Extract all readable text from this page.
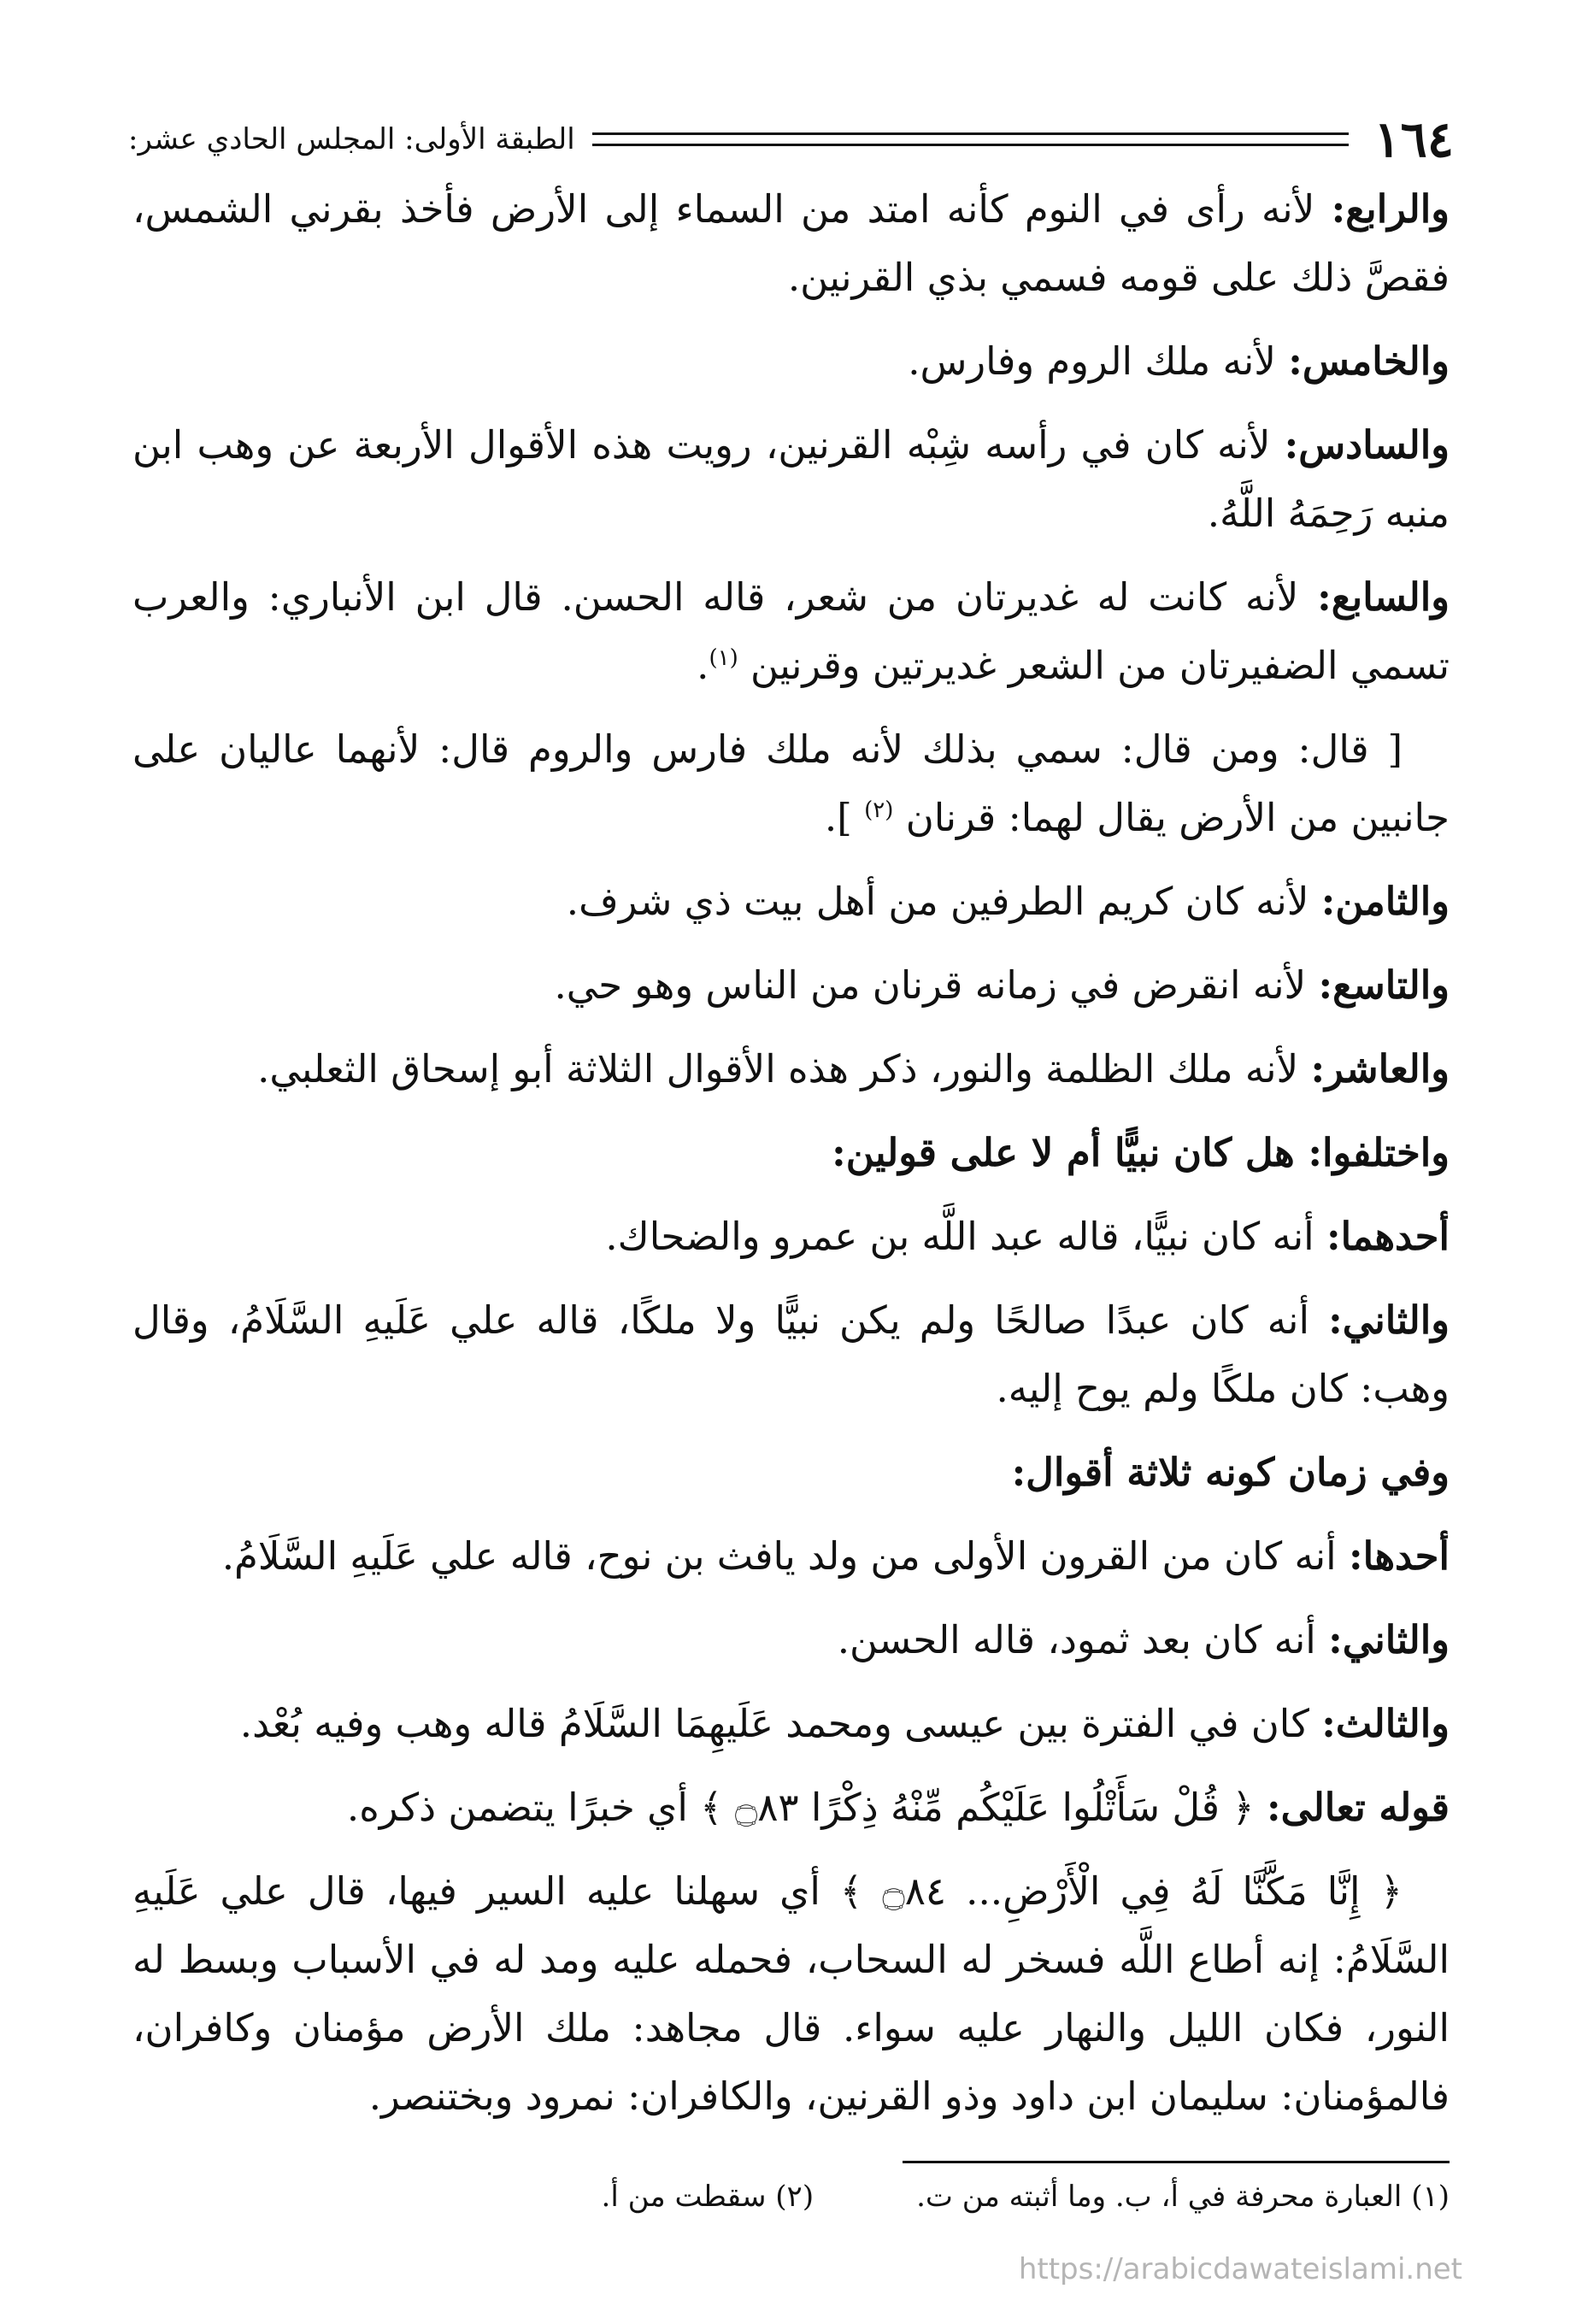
١٦٤
الطبقة الأولى: المجلس الحادي عشر:

والرابع: لأنه رأى في النوم كأنه امتد من السماء إلى الأرض فأخذ بقرني الشمس، فقصَّ ذلك على قومه فسمي بذي القرنين.

والخامس: لأنه ملك الروم وفارس.

والسادس: لأنه كان في رأسه شِبْه القرنين، رويت هذه الأقوال الأربعة عن وهب ابن منبه رَحِمَهُ اللَّهُ.

والسابع: لأنه كانت له غديرتان من شعر، قاله الحسن. قال ابن الأنباري: والعرب تسمي الضفيرتان من الشعر غديرتين وقرنين $^{(١)}$.

[ قال: ومن قال: سمي بذلك لأنه ملك فارس والروم قال: لأنهما عاليان على جانبين من الأرض يقال لهما: قرنان $^{(٢)}$ ].

والثامن: لأنه كان كريم الطرفين من أهل بيت ذي شرف.

والتاسع: لأنه انقرض في زمانه قرنان من الناس وهو حي.

والعاشر: لأنه ملك الظلمة والنور، ذكر هذه الأقوال الثلاثة أبو إسحاق الثعلبي.

واختلفوا: هل كان نبيًّا أم لا على قولين:

أحدهما: أنه كان نبيًّا، قاله عبد اللَّه بن عمرو والضحاك.

والثاني: أنه كان عبدًا صالحًا ولم يكن نبيًّا ولا ملكًا، قاله علي عَلَيهِ السَّلَامُ، وقال وهب: كان ملكًا ولم يوح إليه.

وفي زمان كونه ثلاثة أقوال:

أحدها: أنه كان من القرون الأولى من ولد يافث بن نوح، قاله علي عَلَيهِ السَّلَامُ.

والثاني: أنه كان بعد ثمود، قاله الحسن.

والثالث: كان في الفترة بين عيسى ومحمد عَلَيهِمَا السَّلَامُ قاله وهب وفيه بُعْد.

قوله تعالى: ﴿ قُلْ سَأَتْلُوا عَلَيْكُم مِّنْهُ ذِكْرًا ۝٨٣ ﴾ أي خبرًا يتضمن ذكره.

﴿ إِنَّا مَكَّنَّا لَهُ فِي الْأَرْضِ... ۝٨٤ ﴾ أي سهلنا عليه السير فيها، قال علي عَلَيهِ السَّلَامُ: إنه أطاع اللَّه فسخر له السحاب، فحمله عليه ومد له في الأسباب وبسط له النور، فكان الليل والنهار عليه سواء. قال مجاهد: ملك الأرض مؤمنان وكافران، فالمؤمنان: سليمان ابن داود وذو القرنين، والكافران: نمرود وبختنصر.

(١) العبارة محرفة في أ، ب. وما أثبته من ت.
(٢) سقطت من أ.
https://arabicdawateislami.net
